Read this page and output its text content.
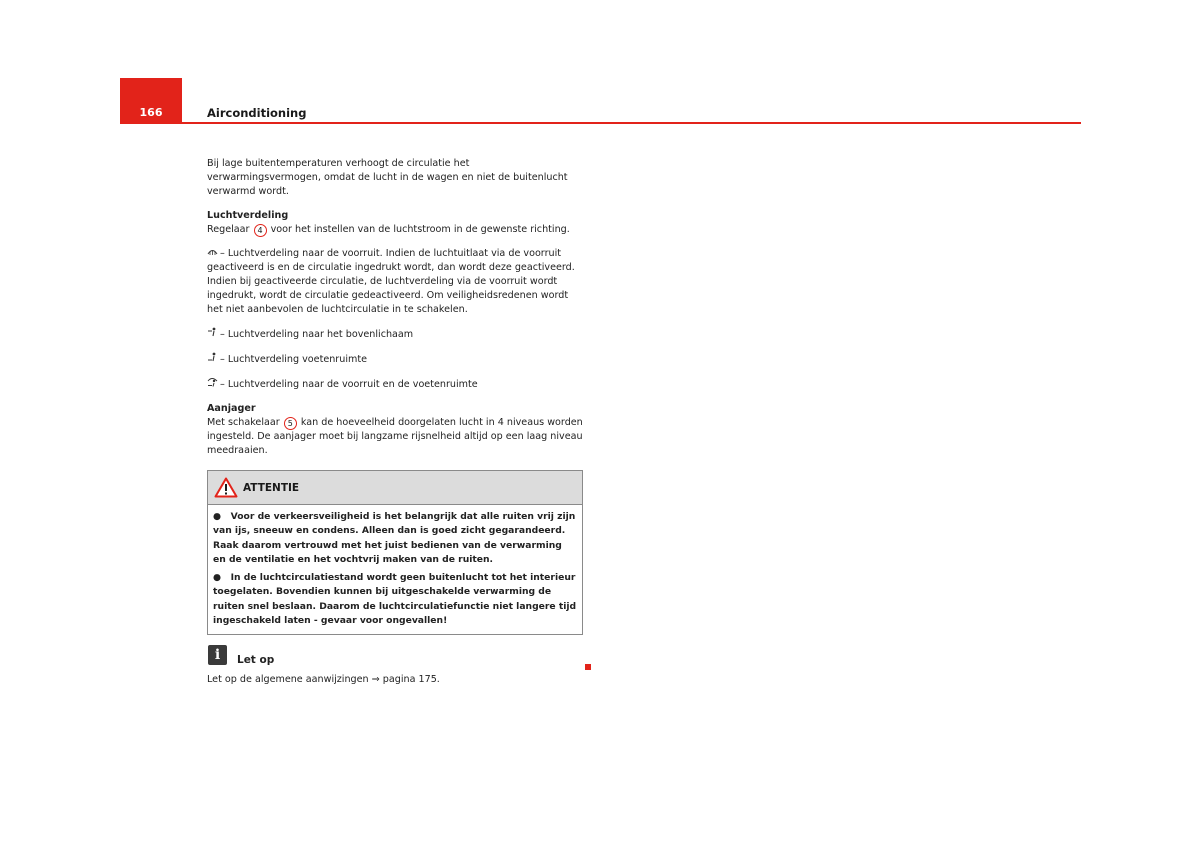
166	Airconditioning

Bij lage buitentemperaturen verhoogt de circulatie het verwarmingsvermogen, omdat de lucht in de wagen en niet de buitenlucht verwarmd wordt.

Luchtverdeling

Regelaar 4 voor het instellen van de luchtstroom in de gewenste richting.

– Luchtverdeling naar de voorruit. Indien de luchtuitlaat via de voorruit geactiveerd is en de circulatie ingedrukt wordt, dan wordt deze geactiveerd. Indien bij geactiveerde circulatie, de luchtverdeling via de voorruit wordt ingedrukt, wordt de circulatie gedeactiveerd. Om veiligheidsredenen wordt het niet aanbevolen de luchtcirculatie in te schakelen.

– Luchtverdeling naar het bovenlichaam

– Luchtverdeling voetenruimte

– Luchtverdeling naar de voorruit en de voetenruimte

Aanjager

Met schakelaar 5 kan de hoeveelheid doorgelaten lucht in 4 niveaus worden ingesteld. De aanjager moet bij langzame rijsnelheid altijd op een laag niveau meedraaien.

ATTENTIE

●   Voor de verkeersveiligheid is het belangrijk dat alle ruiten vrij zijn van ijs, sneeuw en condens. Alleen dan is goed zicht gegarandeerd. Raak daarom vertrouwd met het juist bedienen van de verwarming en de ventilatie en het vochtvrij maken van de ruiten.

●   In de luchtcirculatiestand wordt geen buitenlucht tot het interieur toegelaten. Bovendien kunnen bij uitgeschakelde verwarming de ruiten snel beslaan. Daarom de luchtcirculatiefunctie niet langere tijd ingeschakeld laten - gevaar voor ongevallen!

i	Let op

Let op de algemene aanwijzingen ⇒ pagina 175.
